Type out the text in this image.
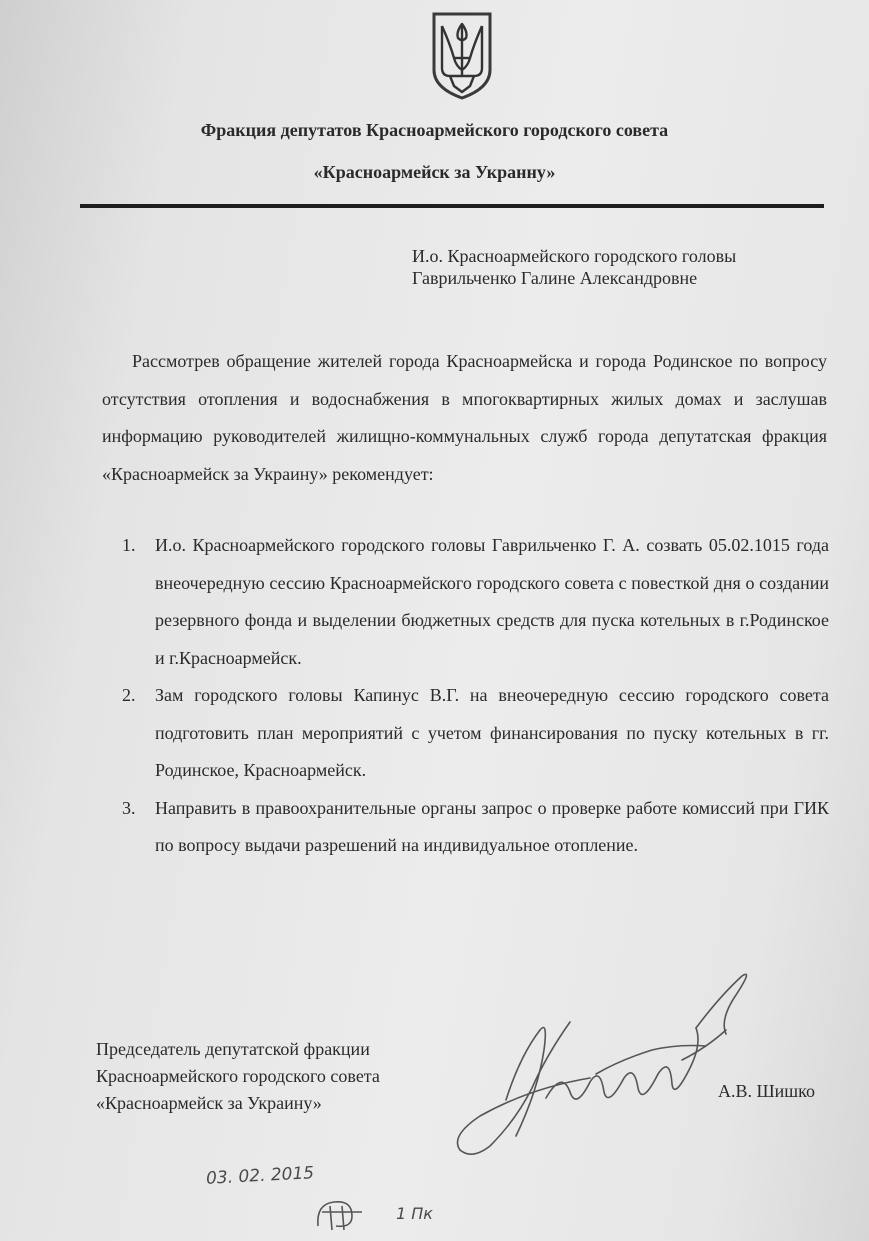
Фракция депутатов Красноармейского городского совета
«Красноармейск за Укранну»
И.о. Красноармейского городского головы
Гаврильченко Галине Александровне
Рассмотрев обращение жителей города Красноармейска и города Родинское по вопросу отсутствия отопления и водоснабжения в мпогоквартирных жилых домах и заслушав информацию руководителей жилищно-коммунальных служб города депутатская фракция «Красноармейск за Украину» рекомендует:
1. И.о. Красноармейского городского головы Гаврильченко Г. А. созвать 05.02.1015 года внеочередную сессию Красноармейского городского совета с повесткой дня о создании резервного фонда и выделении бюджетных средств для пуска котельных в г.Родинское и г.Красноармейск.
2. Зам городского головы Капинус В.Г. на внеочередную сессию городского совета подготовить план мероприятий с учетом финансирования по пуску котельных в гг. Родинское, Красноармейск.
3. Направить в правоохранительные органы запрос о проверке работе комиссий при ГИК по вопросу выдачи разрешений на индивидуальное отопление.
Председатель депутатской фракции
Красноармейского городского совета
«Красноармейск за Украину»
А.В. Шишко
03. 02. 2015
1 Пк
